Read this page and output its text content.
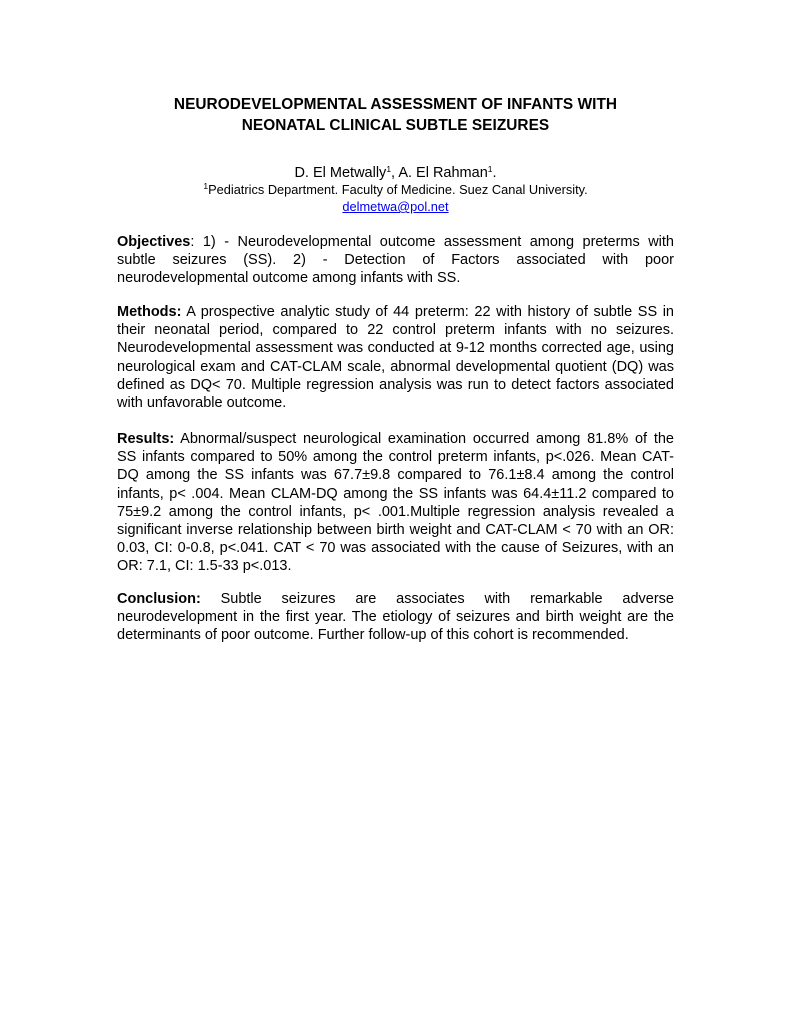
NEURODEVELOPMENTAL ASSESSMENT OF INFANTS WITH
NEONATAL CLINICAL SUBTLE SEIZURES
D. El Metwally$^1$, A. El Rahman$^1$.
$^1$Pediatrics Department. Faculty of Medicine. Suez Canal University.
delmetwa@pol.net
Objectives: 1) - Neurodevelopmental outcome assessment among preterms with subtle seizures (SS). 2) - Detection of Factors associated with poor neurodevelopmental outcome among infants with SS.
Methods: A prospective analytic study of 44 preterm: 22 with history of subtle SS in their neonatal period, compared to 22 control preterm infants with no seizures. Neurodevelopmental assessment was conducted at 9-12 months corrected age, using neurological exam and CAT-CLAM scale, abnormal developmental quotient (DQ) was defined as DQ< 70. Multiple regression analysis was run to detect factors associated with unfavorable outcome.
Results: Abnormal/suspect neurological examination occurred among 81.8% of the SS infants compared to 50% among the control preterm infants, p<.026. Mean CAT-DQ among the SS infants was 67.7±9.8 compared to 76.1±8.4 among the control infants, p< .004. Mean CLAM-DQ among the SS infants was 64.4±11.2 compared to 75±9.2 among the control infants, p< .001.Multiple regression analysis revealed a significant inverse relationship between birth weight and CAT-CLAM < 70 with an OR: 0.03, CI: 0-0.8, p<.041. CAT < 70 was associated with the cause of Seizures, with an OR: 7.1, CI: 1.5-33 p<.013.
Conclusion: Subtle seizures are associates with remarkable adverse neurodevelopment in the first year. The etiology of seizures and birth weight are the determinants of poor outcome. Further follow-up of this cohort is recommended.
